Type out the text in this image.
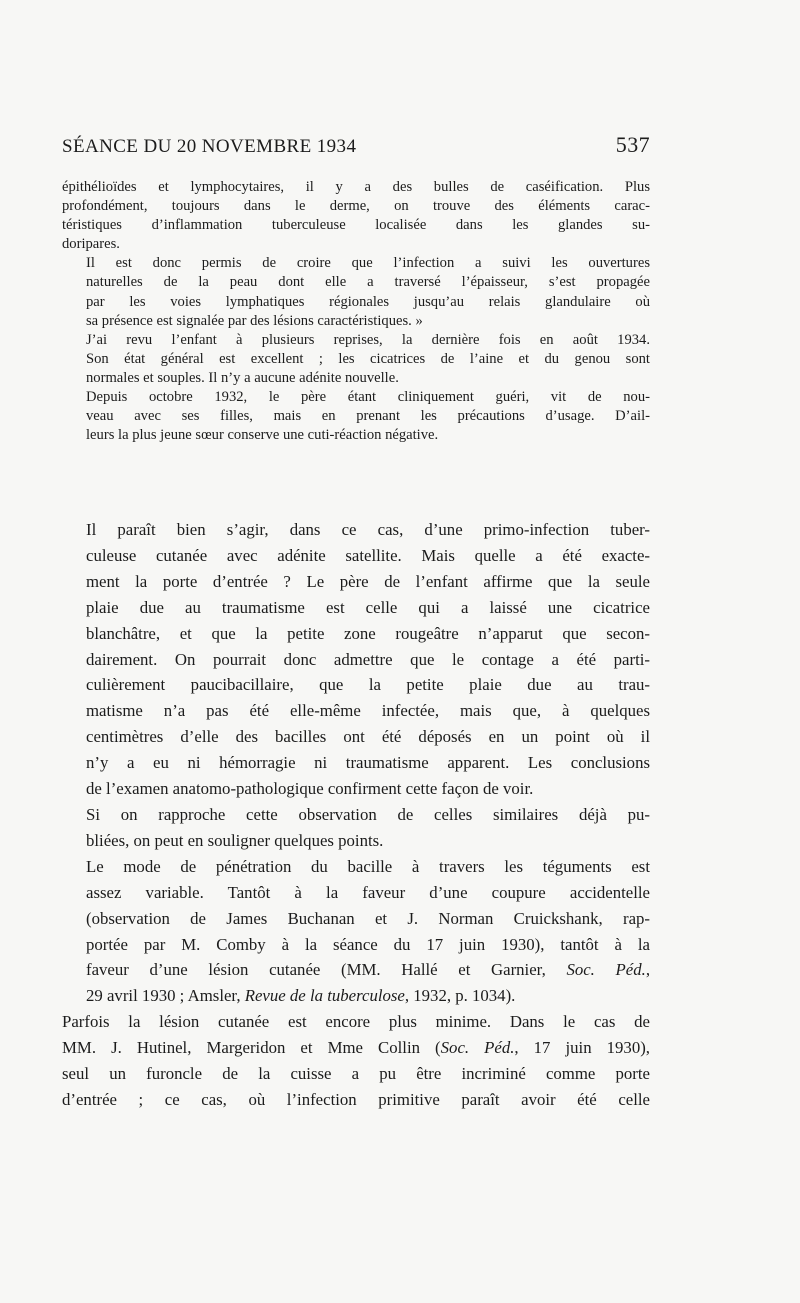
SÉANCE DU 20 NOVEMBRE 1934	537

épithélioïdes et lymphocytaires, il y a des bulles de caséification. Plus
profondément, toujours dans le derme, on trouve des éléments carac-
téristiques d’inflammation tuberculeuse localisée dans les glandes su-
doripares.

Il est donc permis de croire que l’infection a suivi les ouvertures
naturelles de la peau dont elle a traversé l’épaisseur, s’est propagée
par les voies lymphatiques régionales jusqu’au relais glandulaire où
sa présence est signalée par des lésions caractéristiques. »

J’ai revu l’enfant à plusieurs reprises, la dernière fois en août 1934.
Son état général est excellent ; les cicatrices de l’aine et du genou sont
normales et souples. Il n’y a aucune adénite nouvelle.

Depuis octobre 1932, le père étant cliniquement guéri, vit de nou-
veau avec ses filles, mais en prenant les précautions d’usage. D’ail-
leurs la plus jeune sœur conserve une cuti-réaction négative.

Il paraît bien s’agir, dans ce cas, d’une primo-infection tuber-
culeuse cutanée avec adénite satellite. Mais quelle a été exacte-
ment la porte d’entrée ? Le père de l’enfant affirme que la seule
plaie due au traumatisme est celle qui a laissé une cicatrice
blanchâtre, et que la petite zone rougeâtre n’apparut que secon-
dairement. On pourrait donc admettre que le contage a été parti-
culièrement paucibacillaire, que la petite plaie due au trau-
matisme n’a pas été elle-même infectée, mais que, à quelques
centimètres d’elle des bacilles ont été déposés en un point où il
n’y a eu ni hémorragie ni traumatisme apparent. Les conclusions
de l’examen anatomo-pathologique confirment cette façon de voir.

Si on rapproche cette observation de celles similaires déjà pu-
bliées, on peut en souligner quelques points.

Le mode de pénétration du bacille à travers les téguments est
assez variable. Tantôt à la faveur d’une coupure accidentelle
(observation de James Buchanan et J. Norman Cruickshank, rap-
portée par M. Comby à la séance du 17 juin 1930), tantôt à la
faveur d’une lésion cutanée (MM. Hallé et Garnier, Soc. Péd.,
29 avril 1930 ; Amsler, Revue de la tuberculose, 1932, p. 1034).

Parfois la lésion cutanée est encore plus minime. Dans le cas de
MM. J. Hutinel, Margeridon et Mme Collin (Soc. Péd., 17 juin 1930),
seul un furoncle de la cuisse a pu être incriminé comme porte
d’entrée ; ce cas, où l’infection primitive paraît avoir été celle
